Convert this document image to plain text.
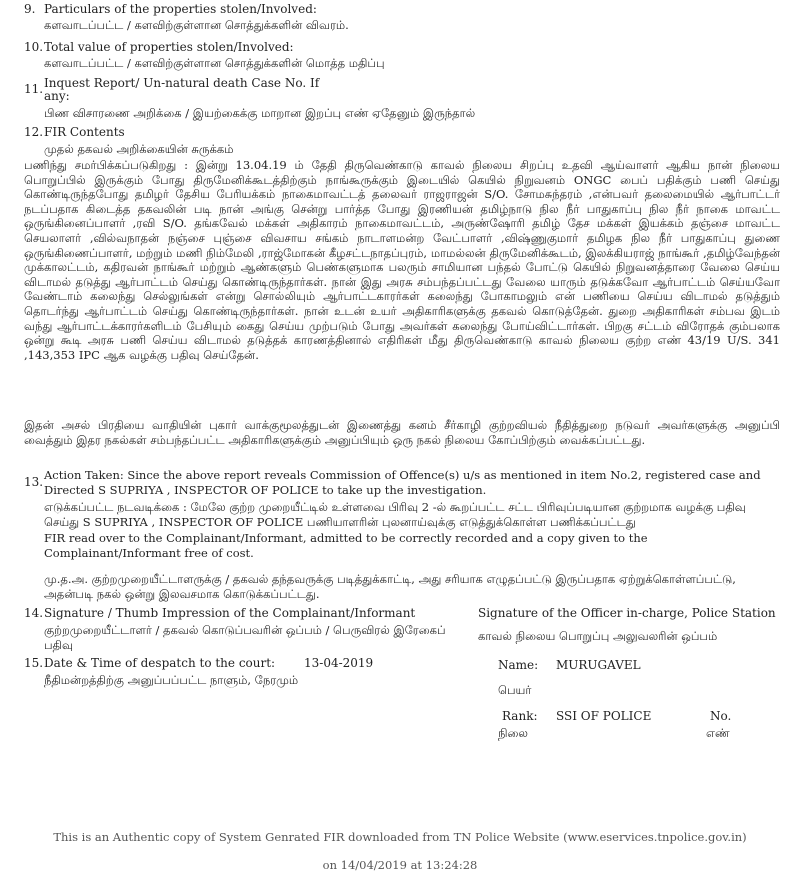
9. Particulars of the properties stolen/Involved:
களவாடப்பட்ட / களவிற்குள்ளான சொத்துக்களின் விவரம்.
10. Total value of properties stolen/Involved:
களவாடப்பட்ட / களவிற்குள்ளான சொத்துக்களின் மொத்த மதிப்பு
11. Inquest Report/ Un-natural death Case No. If
any:
பிண விசாரணை அறிக்கை / இயற்கைக்கு மாறான இறப்பு எண் ஏதேனும் இருந்தால்
12. FIR Contents
முதல் தகவல் அறிக்கையின் சுருக்கம்
பணிந்து சமர்பிக்கப்படுகிறது : இன்று 13.04.19 ம் தேதி திருவெண்காடு காவல் நிலைய சிறப்பு உதவி ஆய்வாளர் ஆகிய நான் நிலைய பொறுப்பில் இருக்கும் போது திருமேனிக்கூடத்திற்கும் நாங்கூருக்கும் இடையில் கெயில் நிறுவனம் ONGC பைப் பதிக்கும் பணி செய்து கொண்டிருந்தபோது தமிழர் தேசிய பேரியக்கம் நாகைமாவட்டத் தலைவர் ராஜராஜன் S/O. சோமசுந்தரம் ,என்பவர் தலைமையில் ஆர்பாட்டர் நடப்பதாக கிடைத்த தகவலின் படி நான் அங்கு சென்று பார்த்த போது இரணியன் தமிழ்நாடு நில நீர் பாதுகாப்பு நில நீர் நாகை மாவட்ட ஒருங்கினைப்பாளர் ,ரவி S/O. தங்கவேல் மக்கள் அதிகாரம் நாகைமாவட்டம், அருண்ஷோரி தமிழ் தேச மக்கள் இயக்கம் தஞ்சை மாவட்ட செயலாளர் ,வில்வநாதன் நஞ்சை புஞ்சை விவசாய சங்கம் நாடாளமன்ற வேட்பாளர் ,விஷ்ணுகுமார் தமிழக நில நீர் பாதுகாப்பு துணை ஒருங்கிணைப்பாளர், மற்றும் மணி நிம்மேலி ,ராஜ்மோகன் கீழசட்டநாதப்புரம், மாமல்லன் திருமேனிக்கூடம், இலக்கியராஜ் நாங்கூர் ,தமிழ்வேந்தன் முக்காலட்டம், கதிரவன் நாங்கூர் மற்றும் ஆண்களும் பெண்களுமாக பலரும் சாமியான பந்தல் போட்டு கெயில் நிறுவனத்தாரை வேலை செய்ய விடாமல் தடுத்து ஆர்பாட்டம் செய்து கொண்டிருந்தார்கள். நான் இது அரசு சம்பந்தப்பட்டது வேலை யாரும் தடுக்கவோ ஆர்பாட்டம் செய்யவோ வேண்டாம் கலைந்து செல்லுங்கள் என்று சொல்லியும் ஆர்பாட்டகாரர்கள் கலைந்து போகாமலும் என் பணியை செய்ய விடாமல் தடுத்தும் தொடர்ந்து ஆர்பாட்டம் செய்து கொண்டிருந்தார்கள். நான் உடன் உயர் அதிகாரிகளுக்கு தகவல் கொடுத்தேன். துறை அதிகாரிகள் சம்பவ இடம் வந்து ஆர்பாட்டக்காரர்களிடம் பேசியும் கைது செய்ய முற்படும் போது அவர்கள் கலைந்து போய்விட்டார்கள். பிறகு சட்டம் விரோதக் கும்பலாக ஒன்று கூடி அரசு பணி செய்ய விடாமல் தடுத்தக் காரணத்தினால் எதிரிகள் மீது திருவெண்காடு காவல் நிலைய குற்ற எண் 43/19 U/S. 341 ,143,353 IPC ஆக வழக்கு பதிவு செய்தேன்.
இதன் அசல் பிரதியை வாதியின் புகார் வாக்குமூலத்துடன் இணைத்து கனம் சீர்காழி குற்றவியல் நீதித்துறை நடுவர் அவர்களுக்கு அனுப்பி வைத்தும் இதர நகல்கள் சம்பந்தப்பட்ட அதிகாரிகளுக்கும் அனுப்பியும் ஒரு நகல் நிலைய கோப்பிற்கும் வைக்கப்பட்டது.
13. Action Taken: Since the above report reveals Commission of Offence(s) u/s as mentioned in item No.2, registered case and Directed S SUPRIYA , INSPECTOR OF POLICE to take up the investigation.
எடுக்கப்பட்ட நடவடிக்கை : மேலே குற்ற முறையீட்டில் உள்ளவை பிரிவு 2 -ல் கூறப்பட்ட சட்ட பிரிவுப்படியான குற்றமாக வழக்கு பதிவு செய்து S SUPRIYA , INSPECTOR OF POLICE பணியாளரின் புலனாய்வுக்கு எடுத்துக்கொள்ள பணிக்கப்பட்டது
FIR read over to the Complainant/Informant, admitted to be correctly recorded and a copy given to the Complainant/Informant free of cost.
மு.த.அ. குற்றமுறையீட்டாளருக்கு / தகவல் தந்தவருக்கு படித்துக்காட்டி, அது சரியாக எழுதப்பட்டு இருப்பதாக ஏற்றுக்கொள்ளப்பட்டு, அதன்படி நகல் ஒன்று இலவசமாக கொடுக்கப்பட்டது.
14. Signature / Thumb Impression of the Complainant/Informant
குற்றமுறையீட்டாளர் / தகவல் கொடுப்பவரின் ஒப்பம் / பெருவிரல் இரேகைப் பதிவு
Signature of the Officer in-charge, Police Station
காவல் நிலைய பொறுப்பு அலுவலரின் ஒப்பம்
15. Date & Time of despatch to the court:
நீதிமன்றத்திற்கு அனுப்பப்பட்ட நாளும், நேரமும்
13-04-2019	Name: MURUGAVEL
பெயர்
Rank: SSI OF POLICE
நிலை
No.
எண்
This is an Authentic copy of System Genrated FIR downloaded from TN Police Website (www.eservices.tnpolice.gov.in)
on 14/04/2019 at 13:24:28
